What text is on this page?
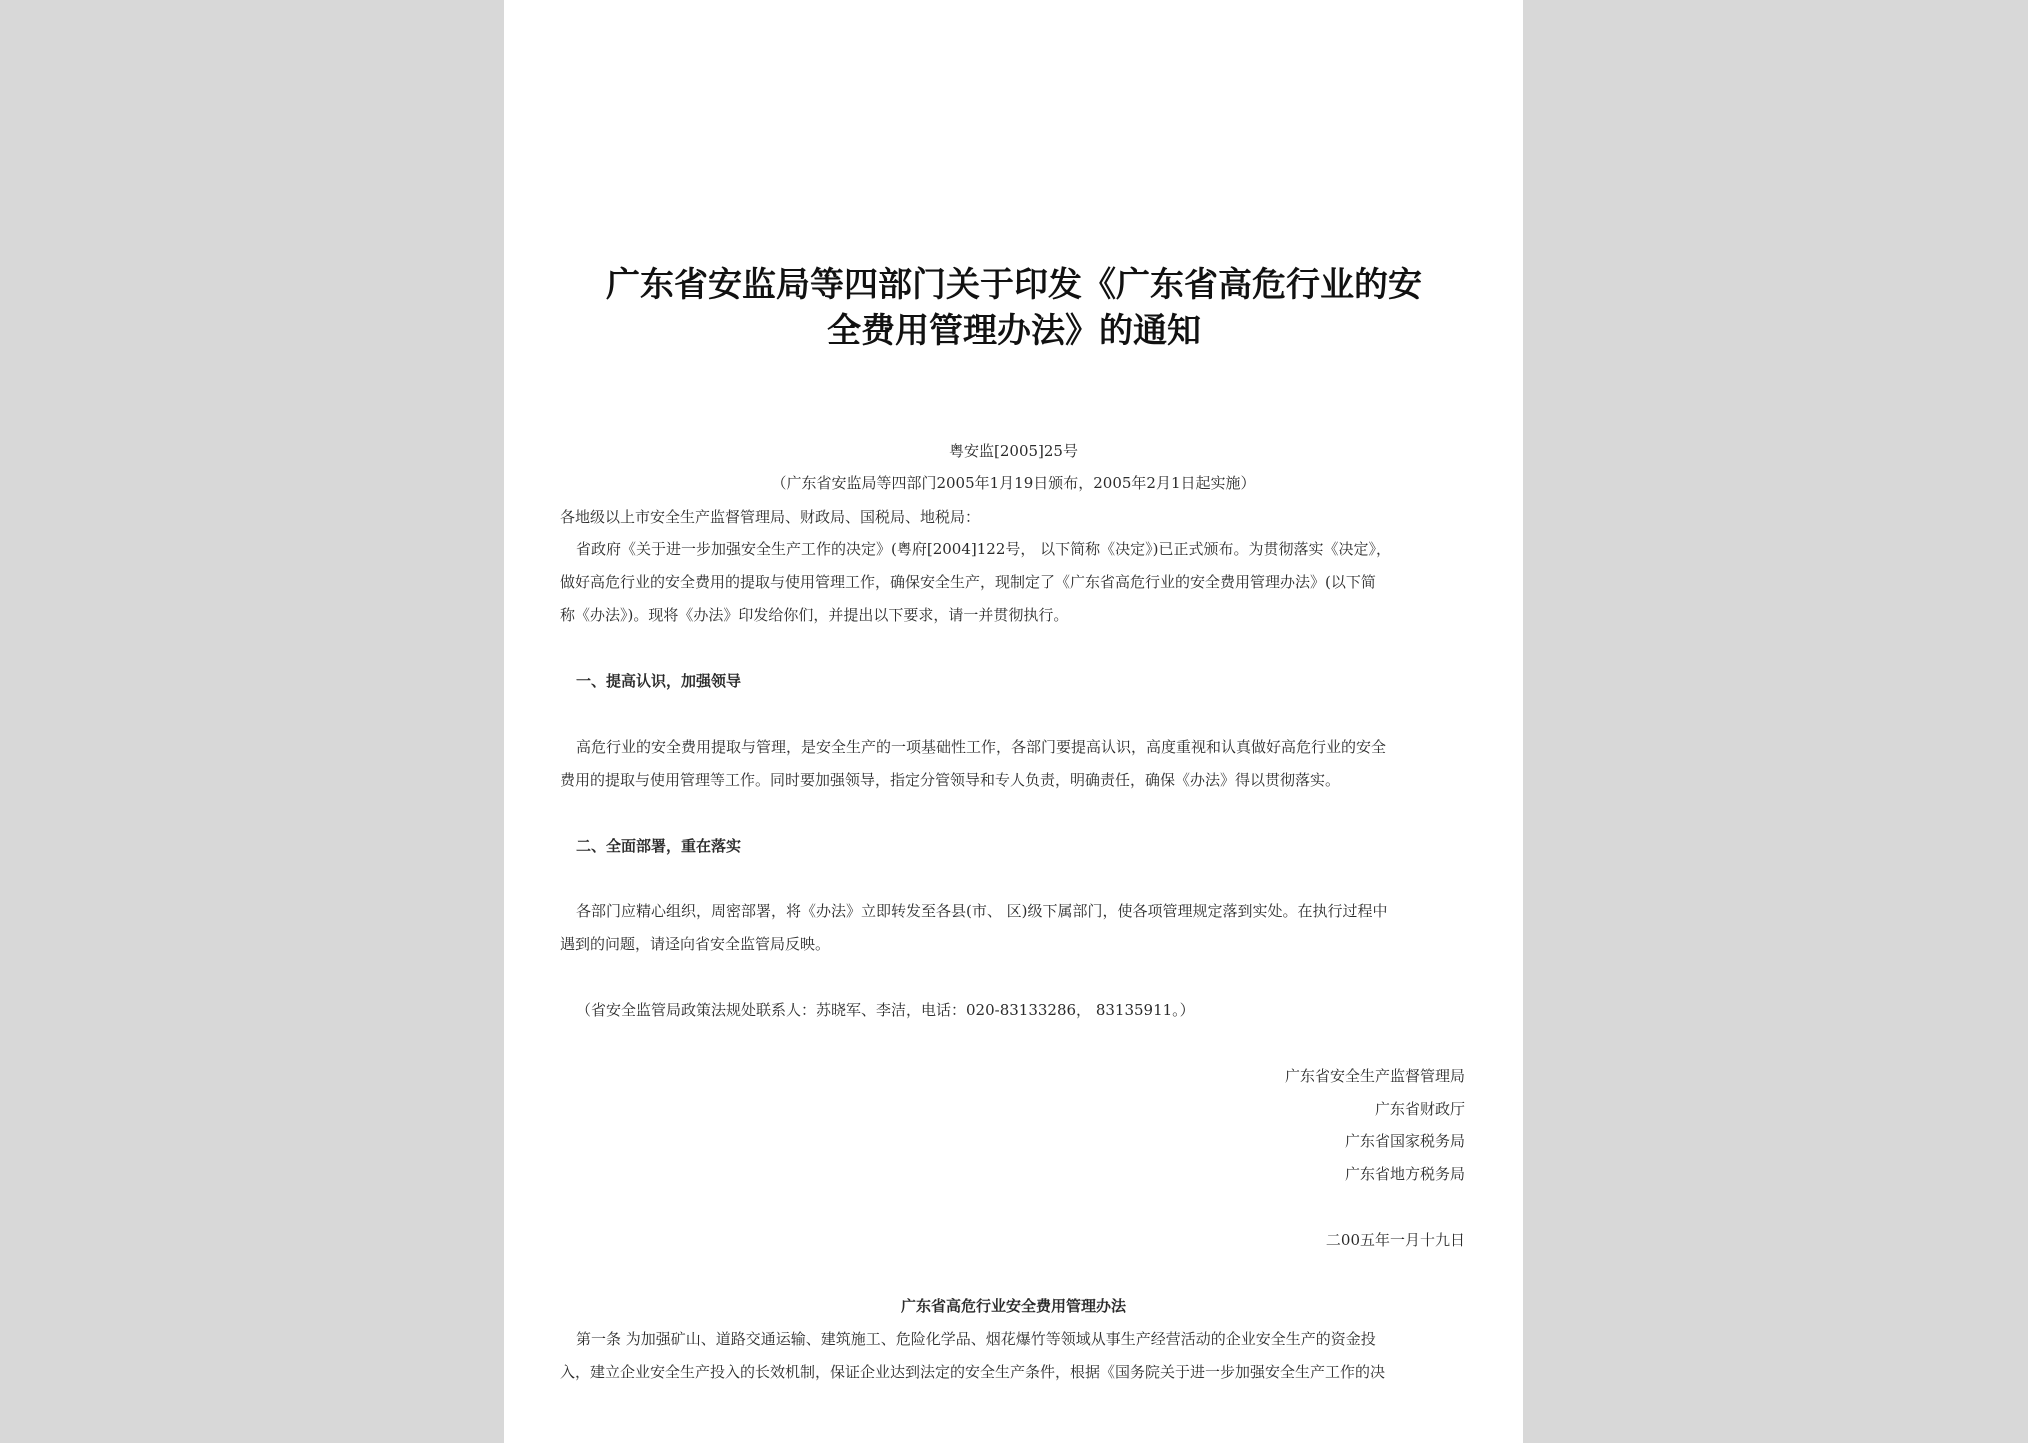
广东省安监局等四部门关于印发《广东省高危行业的安
全费用管理办法》的通知
粤安监[2005]25号
（广东省安监局等四部门2005年1月19日颁布，2005年2月1日起实施）
各地级以上市安全生产监督管理局、财政局、国税局、地税局：
省政府《关于进一步加强安全生产工作的决定》(粤府[2004]122号， 以下简称《决定》)已正式颁布。为贯彻落实《决定》，
做好高危行业的安全费用的提取与使用管理工作，确保安全生产，现制定了《广东省高危行业的安全费用管理办法》(以下简
称《办法》)。现将《办法》印发给你们，并提出以下要求，请一并贯彻执行。
一、提高认识，加强领导
高危行业的安全费用提取与管理，是安全生产的一项基础性工作，各部门要提高认识，高度重视和认真做好高危行业的安全
费用的提取与使用管理等工作。同时要加强领导，指定分管领导和专人负责，明确责任，确保《办法》得以贯彻落实。
二、全面部署，重在落实
各部门应精心组织，周密部署，将《办法》立即转发至各县(市、 区)级下属部门，使各项管理规定落到实处。在执行过程中
遇到的问题，请迳向省安全监管局反映。
（省安全监管局政策法规处联系人：苏晓军、李洁，电话：020-83133286， 83135911。）
广东省安全生产监督管理局
广东省财政厅
广东省国家税务局
广东省地方税务局
二00五年一月十九日
广东省高危行业安全费用管理办法
第一条 为加强矿山、道路交通运输、建筑施工、危险化学品、烟花爆竹等领域从事生产经营活动的企业安全生产的资金投
入，建立企业安全生产投入的长效机制，保证企业达到法定的安全生产条件，根据《国务院关于进一步加强安全生产工作的决
